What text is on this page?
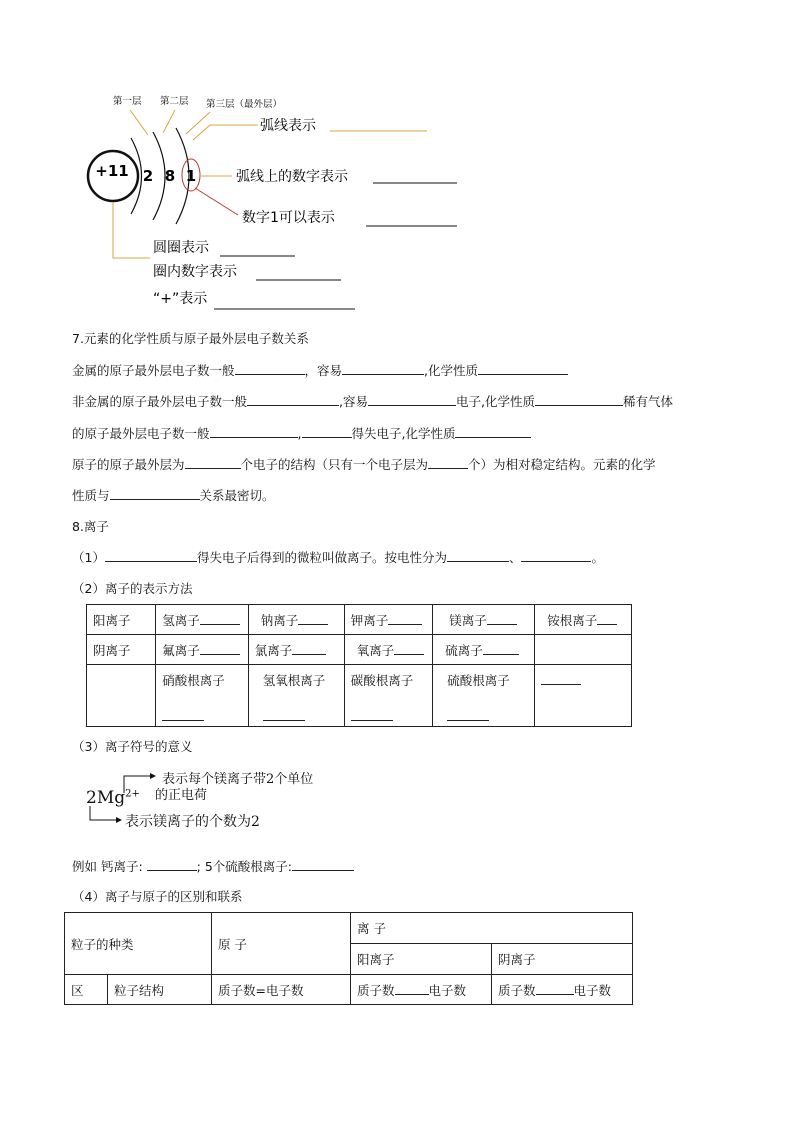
+11 2 8 1
第一层 第二层 第三层（最外层）
弧线表示
弧线上的数字表示
数字1可以表示
圆圈表示
圈内数字表示
“+”表示
7.元素的化学性质与原子最外层电子数关系
金属的原子最外层电子数一般	，容易	,化学性质
非金属的原子最外层电子数一般	,容易	电子,化学性质	稀有气体
的原子最外层电子数一般	,	得失电子,化学性质
原子的原子最外层为	个电子的结构（只有一个电子层为	个）为相对稳定结构。元素的化学
性质与	关系最密切。
8.离子
（1）	得失电子后得到的微粒叫做离子。按电性分为	、	。
（2）离子的表示方法
阳离子	氢离子	钠离子	钾离子	镁离子	铵根离子
阴离子	氟离子	氯离子	氧离子	硫离子	

	硝酸根离子	氢氧根离子	碳酸根离子	硫酸根离子	

（3）离子符号的意义
$2Mg^{2+}$
表示每个镁离子带2个单位
的正电荷
表示镁离子的个数为2
例如 钙离子:	; 5个硫酸根离子:
（4）离子与原子的区别和联系
粒子的种类		原 子	离 子	
			阳离子	阴离子
区	粒子结构	质子数=电子数	质子数 电子数	质子数 电子数
